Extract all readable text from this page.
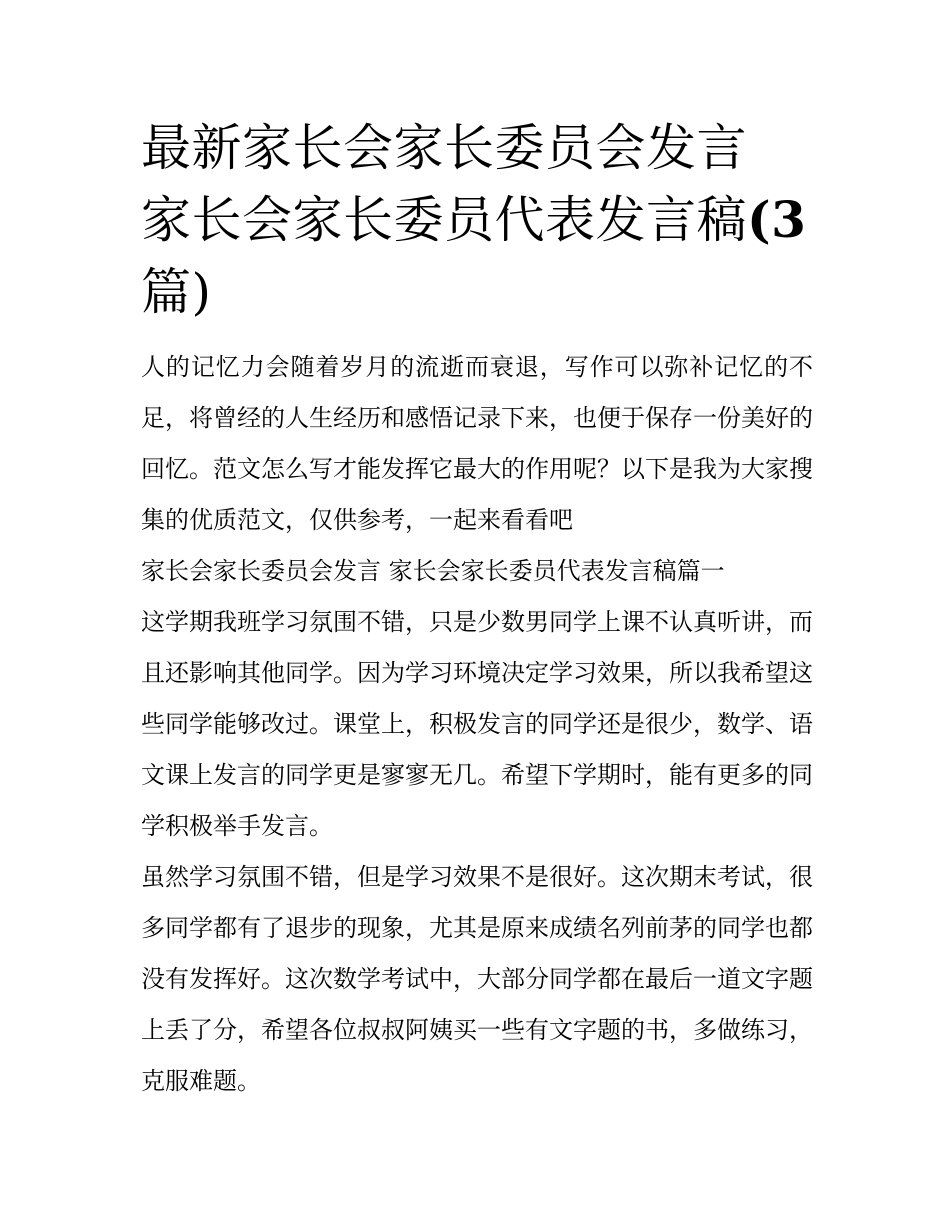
最新家长会家长委员会发言 家长会家长委员代表发言稿(3
篇)

人的记忆力会随着岁月的流逝而衰退，写作可以弥补记忆的不足，将曾经的人生经历和感悟记录下来，也便于保存一份美好的回忆。范文怎么写才能发挥它最大的作用呢？以下是我为大家搜集的优质范文，仅供参考，一起来看看吧

家长会家长委员会发言 家长会家长委员代表发言稿篇一

这学期我班学习氛围不错，只是少数男同学上课不认真听讲，而且还影响其他同学。因为学习环境决定学习效果，所以我希望这些同学能够改过。课堂上，积极发言的同学还是很少，数学、语文课上发言的同学更是寥寥无几。希望下学期时，能有更多的同学积极举手发言。

虽然学习氛围不错，但是学习效果不是很好。这次期末考试，很多同学都有了退步的现象，尤其是原来成绩名列前茅的同学也都没有发挥好。这次数学考试中，大部分同学都在最后一道文字题上丢了分，希望各位叔叔阿姨买一些有文字题的书，多做练习，克服难题。
